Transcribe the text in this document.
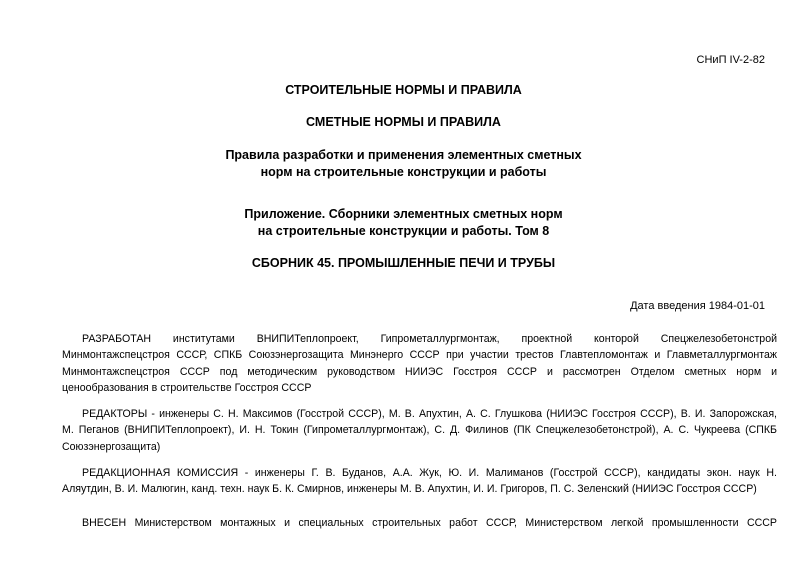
СНиП IV-2-82
СТРОИТЕЛЬНЫЕ НОРМЫ И ПРАВИЛА
СМЕТНЫЕ НОРМЫ И ПРАВИЛА
Правила разработки и применения элементных сметных
норм на строительные конструкции и работы
Приложение. Сборники элементных сметных норм
на строительные конструкции и работы. Том 8
СБОРНИК 45. ПРОМЫШЛЕННЫЕ ПЕЧИ И ТРУБЫ
Дата введения 1984-01-01
РАЗРАБОТАН институтами ВНИПИТеплопроект, Гипрометаллургмонтаж, проектной конторой Спецжелезобетонстрой
Минмонтажспецстроя СССР, СПКБ Союзэнергозащита Минэнерго СССР при участии трестов Главтепломонтаж и Главметаллургмонтаж
Минмонтажспецстроя СССР под методическим руководством НИИЭС Госстроя СССР и рассмотрен Отделом сметных норм и
ценообразования в строительстве Госстроя СССР
РЕДАКТОРЫ - инженеры С. Н. Максимов (Госстрой СССР), М. В. Апухтин, А. С. Глушкова (НИИЭС Госстроя СССР), В. И. Запорожская,
М. Пеганов (ВНИПИТеплопроект), И. Н. Токин (Гипрометаллургмонтаж), С. Д. Филинов (ПК Спецжелезобетонстрой), А. С. Чукреева (СПКБ
Союзэнергозащита)
РЕДАКЦИОННАЯ КОМИССИЯ - инженеры Г. В. Буданов, А.А. Жук, Ю. И. Малиманов (Госстрой СССР), кандидаты экон. наук Н.
Аляутдин, В. И. Малюгин, канд. техн. наук Б. К. Смирнов, инженеры М. В. Апухтин, И. И. Григоров, П. С. Зеленский (НИИЭС Госстроя СССР)
ВНЕСЕН Министерством монтажных и специальных строительных работ СССР, Министерством легкой промышленности СССР
